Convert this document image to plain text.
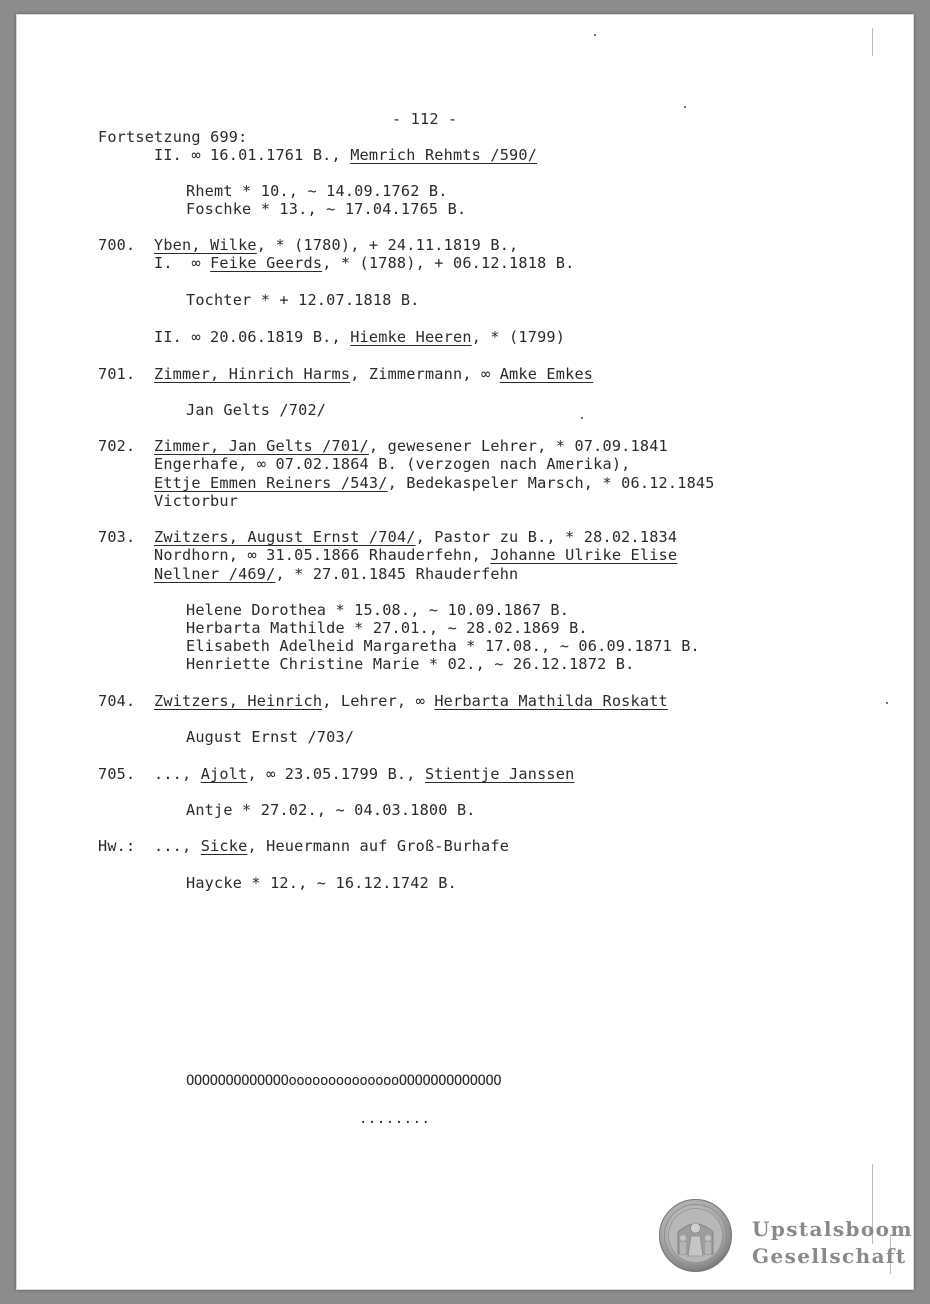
- 112 -
Fortsetzung 699:
II. ∞ 16.01.1761 B., Memrich Rehmts /590/
Rhemt * 10., ~ 14.09.1762 B.
Foschke * 13., ~ 17.04.1765 B.
700. Yben, Wilke, * (1780), + 24.11.1819 B.,
I.  ∞ Feike Geerds, * (1788), + 06.12.1818 B.
Tochter * + 12.07.1818 B.
II. ∞ 20.06.1819 B., Hiemke Heeren, * (1799)
701. Zimmer, Hinrich Harms, Zimmermann, ∞ Amke Emkes
Jan Gelts /702/
702. Zimmer, Jan Gelts /701/, gewesener Lehrer, * 07.09.1841
Engerhafe, ∞ 07.02.1864 B. (verzogen nach Amerika),
Ettje Emmen Reiners /543/, Bedekaspeler Marsch, * 06.12.1845
Victorbur
703. Zwitzers, August Ernst /704/, Pastor zu B., * 28.02.1834
Nordhorn, ∞ 31.05.1866 Rhauderfehn, Johanne Ulrike Elise
Nellner /469/, * 27.01.1845 Rhauderfehn
Helene Dorothea * 15.08., ~ 10.09.1867 B.
Herbarta Mathilde * 27.01., ~ 28.02.1869 B.
Elisabeth Adelheid Margaretha * 17.08., ~ 06.09.1871 B.
Henriette Christine Marie * 02., ~ 26.12.1872 B.
704. Zwitzers, Heinrich, Lehrer, ∞ Herbarta Mathilda Roskatt
August Ernst /703/
705. ..., Ajolt, ∞ 23.05.1799 B., Stientje Janssen
Antje * 27.02., ~ 04.03.1800 B.
Hw.: ..., Sicke, Heuermann auf Groß-Burhafe
Haycke * 12., ~ 16.12.1742 B.
OOOOOOOOOOOOOooooooooooooooOOOOOOOOOOOOO
........
Upstalsboom
Gesellschaft
